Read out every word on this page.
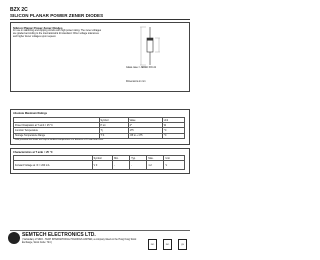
BZX 2C
SILICON PLANAR POWER ZENER DIODES
Silicon Planar Power Zener Diodes
for use in stabilizing and clipping circuits with high power rating. The zener voltages are graded according to the international E 24 standard. Other voltage tolerances and higher Zener voltages upon request.
Glass case = JEDEC DO-41
Dimensions in mm
Absolute Maximum Ratings
	Symbol	Value	Unit
Power Dissipation at T amb = 25 °C	P tot	2*	W
Junction Temperature	T j	175	°C
Storage Temperature Range	T S	-65 to + 175	°C
* Valid provided that leads are kept at ambient temperature at a distance of 10 mm from case.
Characteristics at T amb = 25 °C
	Symbol	Min.	Typ.	Max.	Unit
Forward Voltage at I F = 200 mA	V F	-	-	1.2	V
SEMTECH ELECTRONICS LTD.
( Subsidiary of SINO - TECH INTERNATIONAL HOLDINGS LIMITED, a company listed on the Hong Kong Stock Exchange, Stock Code: 724 )
ISO	ISO	QS
